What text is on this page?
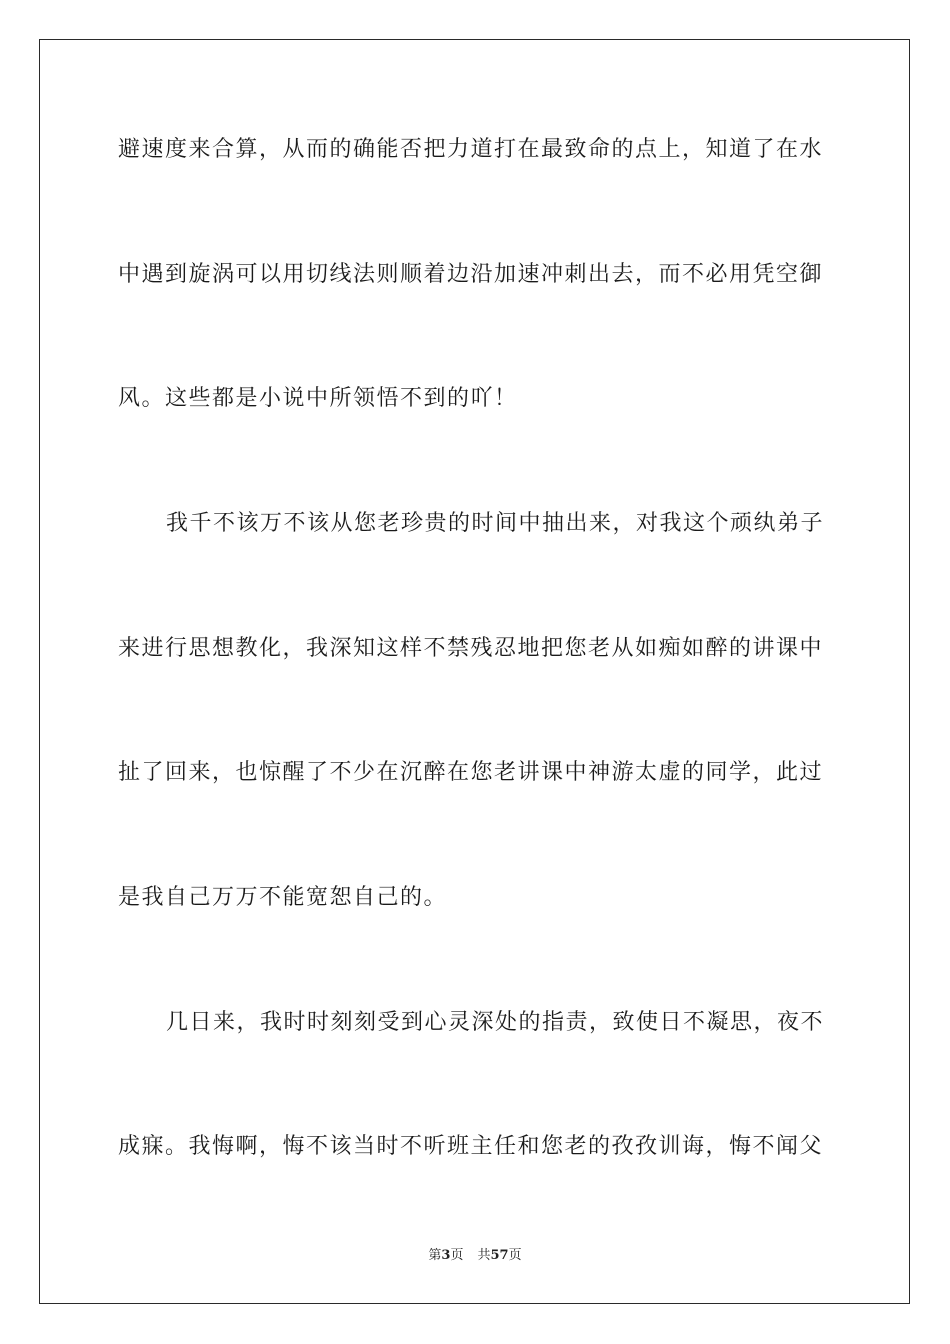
避速度来合算，从而的确能否把力道打在最致命的点上，知道了在水
中遇到旋涡可以用切线法则顺着边沿加速冲刺出去，而不必用凭空御
风。这些都是小说中所领悟不到的吖！
我千不该万不该从您老珍贵的时间中抽出来，对我这个顽纨弟子
来进行思想教化，我深知这样不禁残忍地把您老从如痴如醉的讲课中
扯了回来，也惊醒了不少在沉醉在您老讲课中神游太虚的同学，此过
是我自己万万不能宽恕自己的。
几日来，我时时刻刻受到心灵深处的指责，致使日不凝思，夜不
成寐。我悔啊，悔不该当时不听班主任和您老的孜孜训诲，悔不闻父
第3页 共57页
